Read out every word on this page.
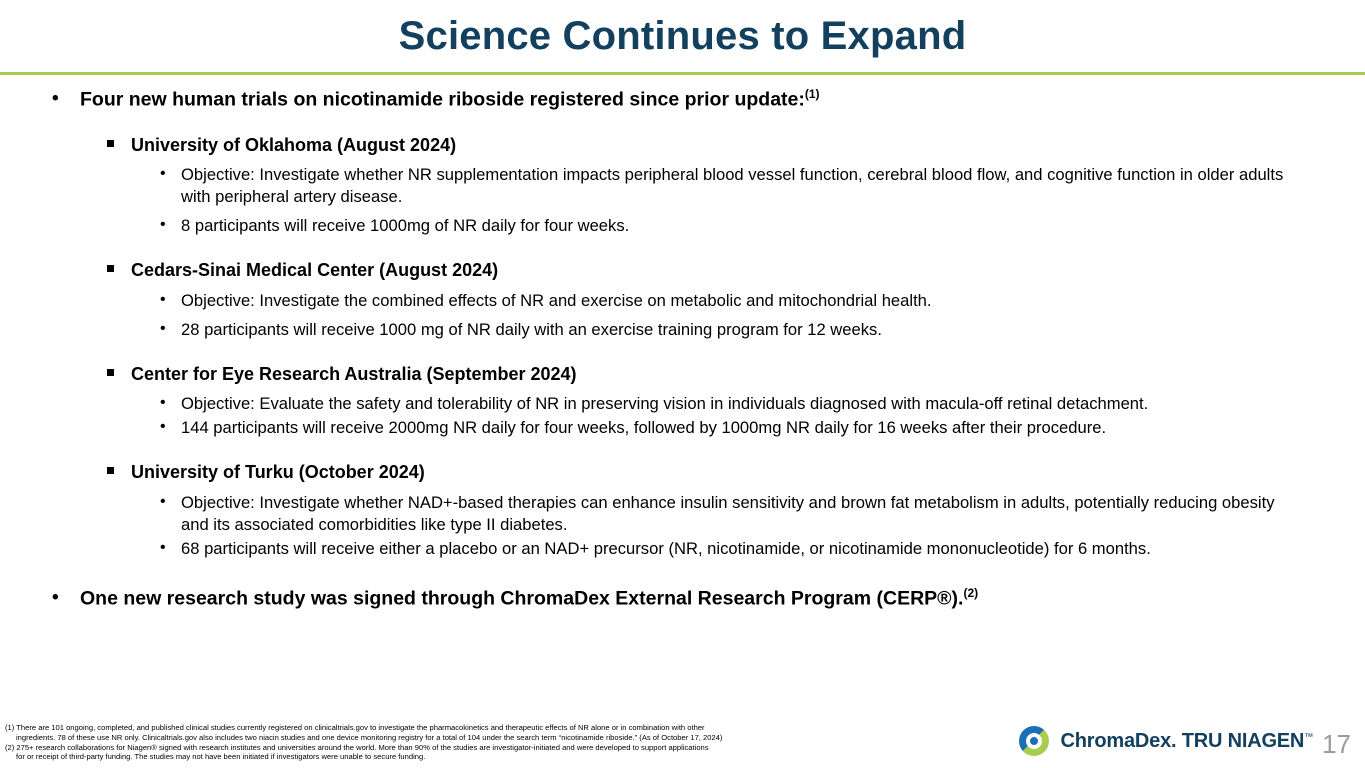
Science Continues to Expand
• Four new human trials on nicotinamide riboside registered since prior update:$^{(1)}$
University of Oklahoma (August 2024)
• Objective: Investigate whether NR supplementation impacts peripheral blood vessel function, cerebral blood flow, and cognitive function in older adults with peripheral artery disease.
• 8 participants will receive 1000mg of NR daily for four weeks.
Cedars-Sinai Medical Center (August 2024)
• Objective: Investigate the combined effects of NR and exercise on metabolic and mitochondrial health.
• 28 participants will receive 1000 mg of NR daily with an exercise training program for 12 weeks.
Center for Eye Research Australia (September 2024)
• Objective: Evaluate the safety and tolerability of NR in preserving vision in individuals diagnosed with macula-off retinal detachment.
• 144 participants will receive 2000mg NR daily for four weeks, followed by 1000mg NR daily for 16 weeks after their procedure.
University of Turku (October 2024)
• Objective: Investigate whether NAD+-based therapies can enhance insulin sensitivity and brown fat metabolism in adults, potentially reducing obesity and its associated comorbidities like type II diabetes.
• 68 participants will receive either a placebo or an NAD+ precursor (NR, nicotinamide, or nicotinamide mononucleotide) for 6 months.
• One new research study was signed through ChromaDex External Research Program (CERP®).$^{(2)}$
(1) There are 101 ongoing, completed, and published clinical studies currently registered on clinicaltrials.gov to investigate the pharmacokinetics and therapeutic effects of NR alone or in combination with other
ingredients. 78 of these use NR only. Clinicaltrials.gov also includes two niacin studies and one device monitoring registry for a total of 104 under the search term “nicotinamide riboside.” (As of October 17, 2024)
(2) 275+ research collaborations for Niagen® signed with research institutes and universities around the world. More than 90% of the studies are investigator-initiated and were developed to support applications
for or receipt of third-party funding. The studies may not have been initiated if investigators were unable to secure funding.
ChromaDex. TRU NIAGEN™ 17
